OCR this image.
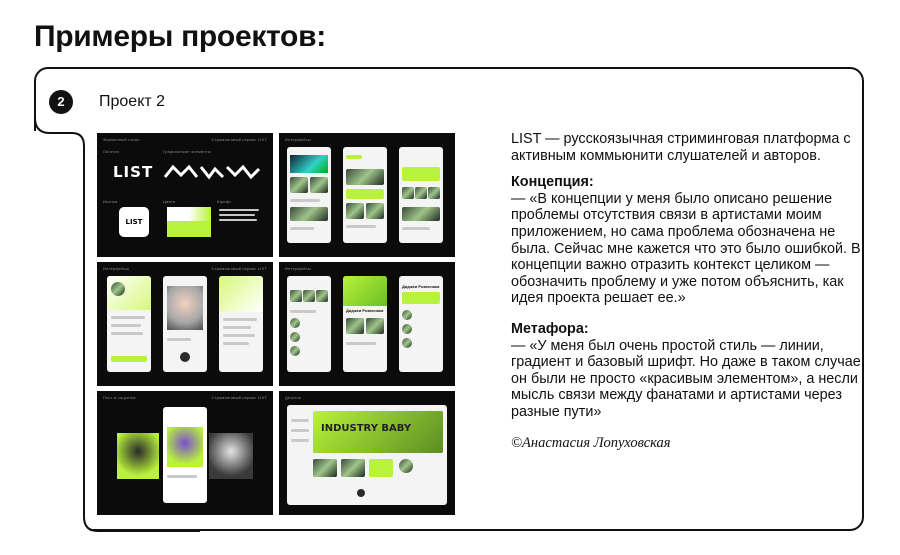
Примеры проектов:
2	Проект 2
Фирменный стиль	Стриминговый сервис LIST
Логотип	Графические элементы
LIST
Иконка	Цвета	Шрифт
LIST
Интерфейсы
Интерфейсы	Стриминговый сервис LIST	Интерфейсы
Диджеи Ровесника
Диджеи Ровесника
Пост в соцсетях	Стриминговый сервис LIST	Десктоп
INDUSTRY BABY

LIST — русскоязычная стриминговая платформа с активным коммьюнити слушателей и авторов.

Концепция:
— «В концепции у меня было описано решение проблемы отсутствия связи в артистами моим приложением, но сама проблема обозначена не была. Сейчас мне кажется что это было ошибкой. В концепции важно отразить контекст целиком — обозначить проблему и уже потом объяснить, как идея проекта решает ее.»

Метафора:
— «У меня был очень простой стиль — линии, градиент и базовый шрифт. Но даже в таком случае он были не просто «красивым элементом», а несли мысль связи между фанатами и артистами через разные пути»

©Анастасия Лопуховская
